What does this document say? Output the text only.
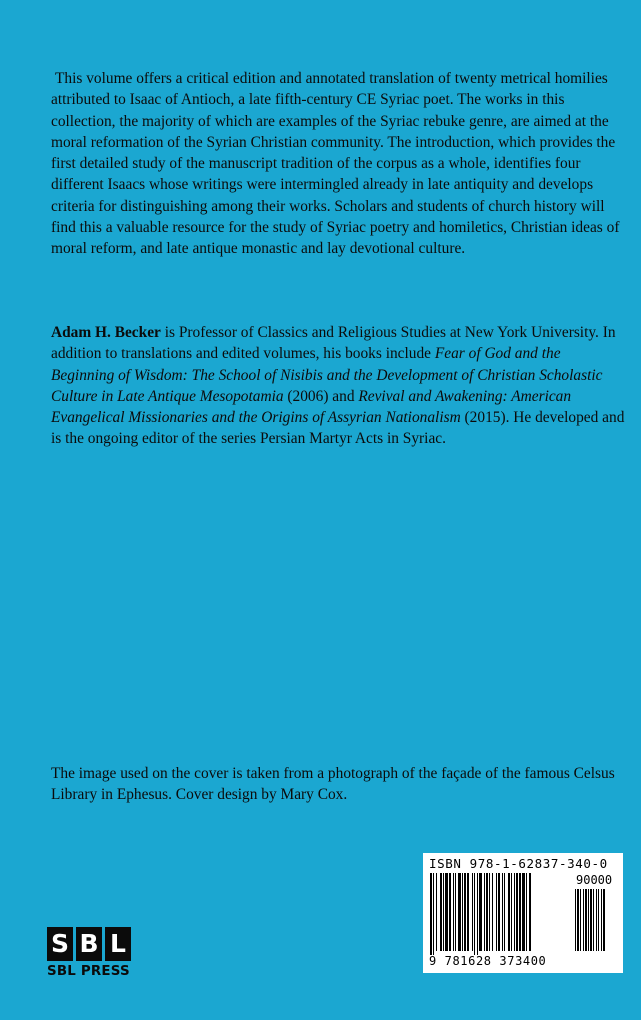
This volume offers a critical edition and annotated translation of twenty metrical homilies attributed to Isaac of Antioch, a late fifth-century CE Syriac poet. The works in this collection, the majority of which are examples of the Syriac rebuke genre, are aimed at the moral reformation of the Syrian Christian community. The introduction, which provides the first detailed study of the manuscript tradition of the corpus as a whole, identifies four different Isaacs whose writings were intermingled already in late antiquity and develops criteria for distinguishing among their works. Scholars and students of church history will find this a valuable resource for the study of Syriac poetry and homiletics, Christian ideas of moral reform, and late antique monastic and lay devotional culture.

Adam H. Becker is Professor of Classics and Religious Studies at New York University. In addition to translations and edited volumes, his books include Fear of God and the Beginning of Wisdom: The School of Nisibis and the Development of Christian Scholastic Culture in Late Antique Mesopotamia (2006) and Revival and Awakening: American Evangelical Missionaries and the Origins of Assyrian Nationalism (2015). He developed and is the ongoing editor of the series Persian Martyr Acts in Syriac.

The image used on the cover is taken from a photograph of the façade of the famous Celsus Library in Ephesus. Cover design by Mary Cox.

ISBN 978-1-62837-340-0
90000
9 781628 373400
S B L
SBL PRESS
